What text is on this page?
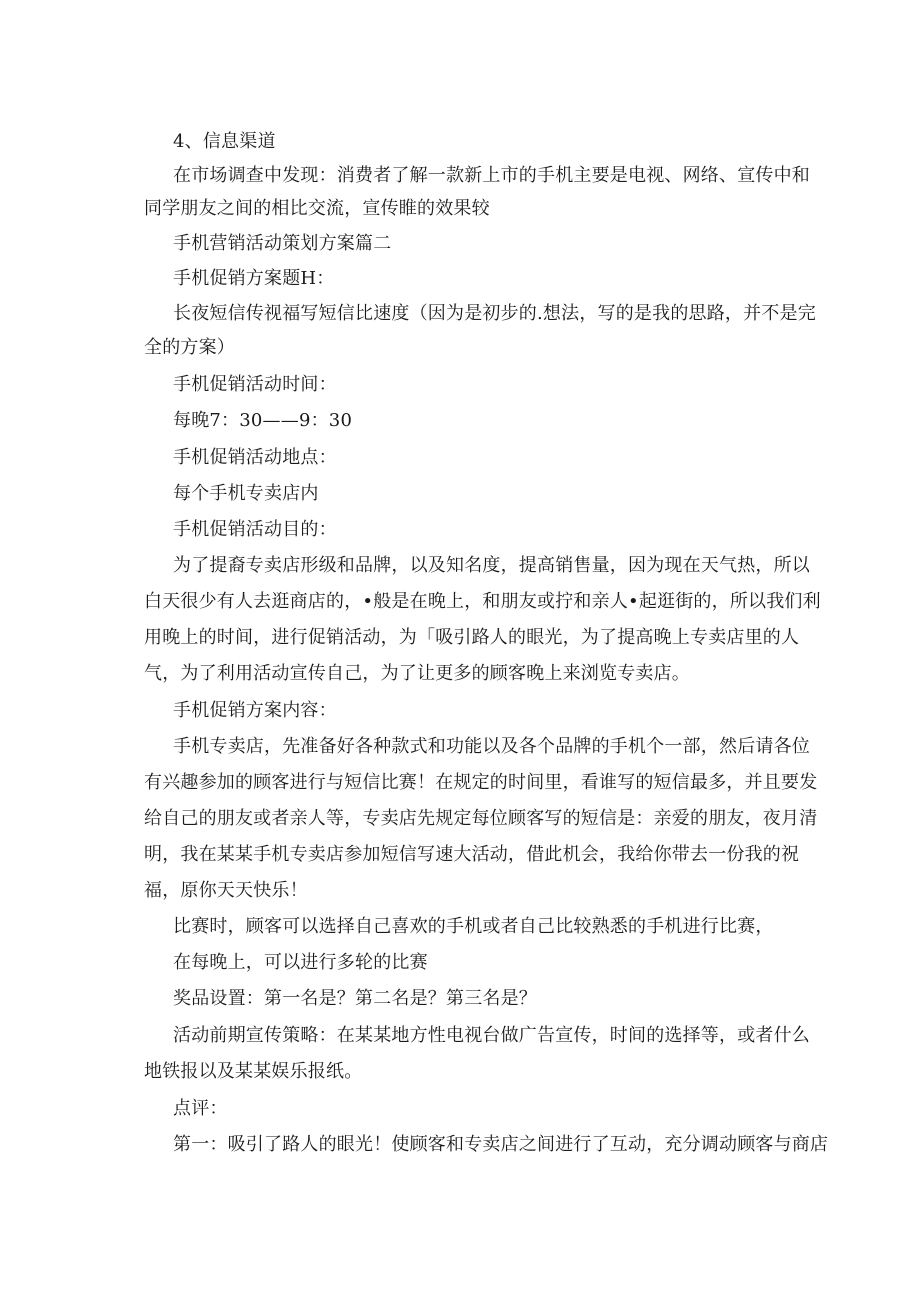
4、信息渠道
在市场调查中发现：消费者了解一款新上市的手机主要是电视、网络、宣传中和
同学朋友之间的相比交流，宣传睢的效果较
手机营销活动策划方案篇二
手机促销方案题H：
长夜短信传视福写短信比速度（因为是初步的.想法，写的是我的思路，并不是完
全的方案）
手机促销活动时间：
每晚7：30——9：30
手机促销活动地点：
每个手机专卖店内
手机促销活动目的：
为了提裔专卖店形级和品牌，以及知名度，提高销售量，因为现在天气热，所以
白天很少有人去逛商店的，•般是在晚上，和朋友或拧和亲人•起逛街的，所以我们利
用晚上的时间，进行促销活动，为「吸引路人的眼光，为了提高晚上专卖店里的人
气，为了利用活动宣传自己，为了让更多的顾客晚上来浏览专卖店。
手机促销方案内容：
手机专卖店，先准备好各种款式和功能以及各个品牌的手机个一部，然后请各位
有兴趣参加的顾客进行与短信比赛！在规定的时间里，看谁写的短信最多，并且要发
给自己的朋友或者亲人等，专卖店先规定每位顾客写的短信是：亲爱的朋友，夜月清
明，我在某某手机专卖店参加短信写速大活动，借此机会，我给你带去一份我的祝
福，原你天天快乐！
比赛时，顾客可以选择自己喜欢的手机或者自己比较熟悉的手机进行比赛，
在每晚上，可以进行多轮的比赛
奖品设置：第一名是？第二名是？第三名是？
活动前期宣传策略：在某某地方性电视台做广告宣传，时间的选择等，或者什么
地铁报以及某某娱乐报纸。
点评：
第一：吸引了路人的眼光！使顾客和专卖店之间进行了互动，充分调动顾客与商店
